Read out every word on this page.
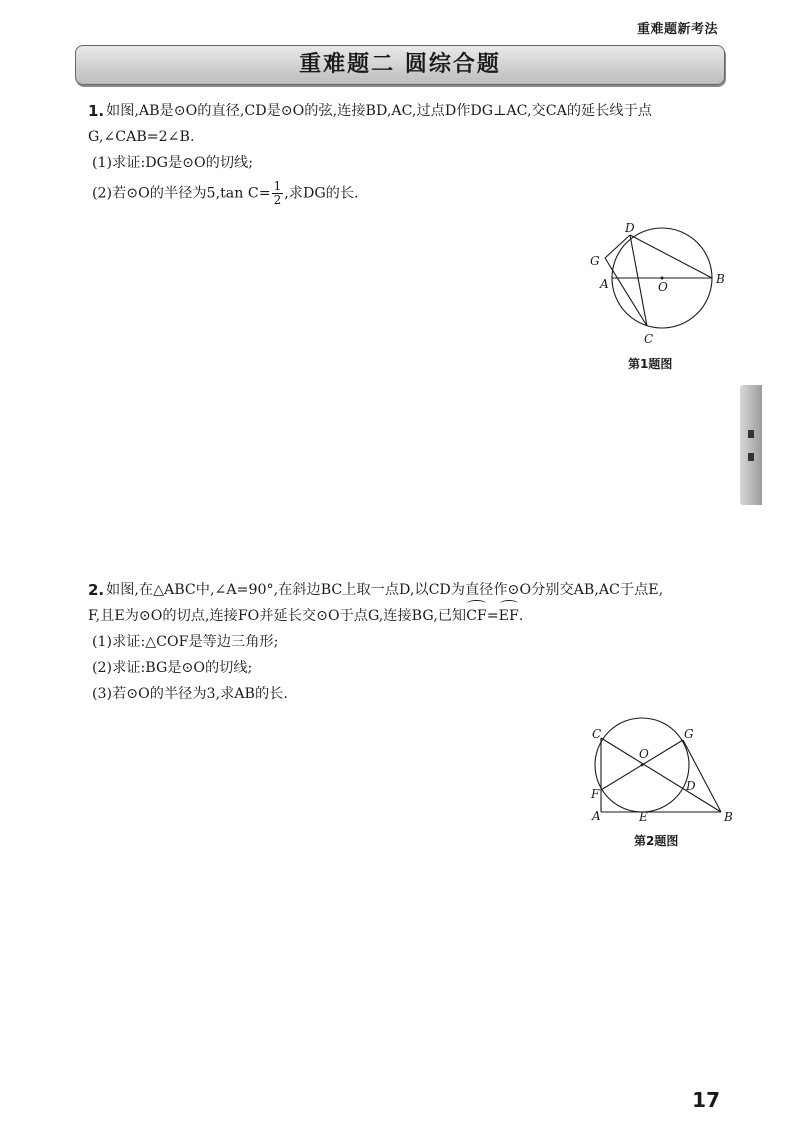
重难题新考法
重难题二 圆综合题
1. 如图,AB是⊙O的直径,CD是⊙O的弦,连接BD,AC,过点D作DG⊥AC,交CA的延长线于点
G,∠CAB=2∠B.
(1)求证:DG是⊙O的切线;
(2)若⊙O的半径为5,tan $C= \frac{1}{2}$ ,求DG的长.
D
G
A	O
B
C
第1题图
2. 如图,在△ABC中,∠A=90°,在斜边BC上取一点D,以CD为直径作⊙O分别交AB,AC于点E,
F,且E为⊙O的切点,连接FO并延长交⊙O于点G,连接BG,已知CF=EF.
(1)求证:△COF是等边三角形;
(2)求证:BG是⊙O的切线;
(3)若⊙O的半径为3,求AB的长.
C	G
O
D
F
A	E	B
第2题图
17
